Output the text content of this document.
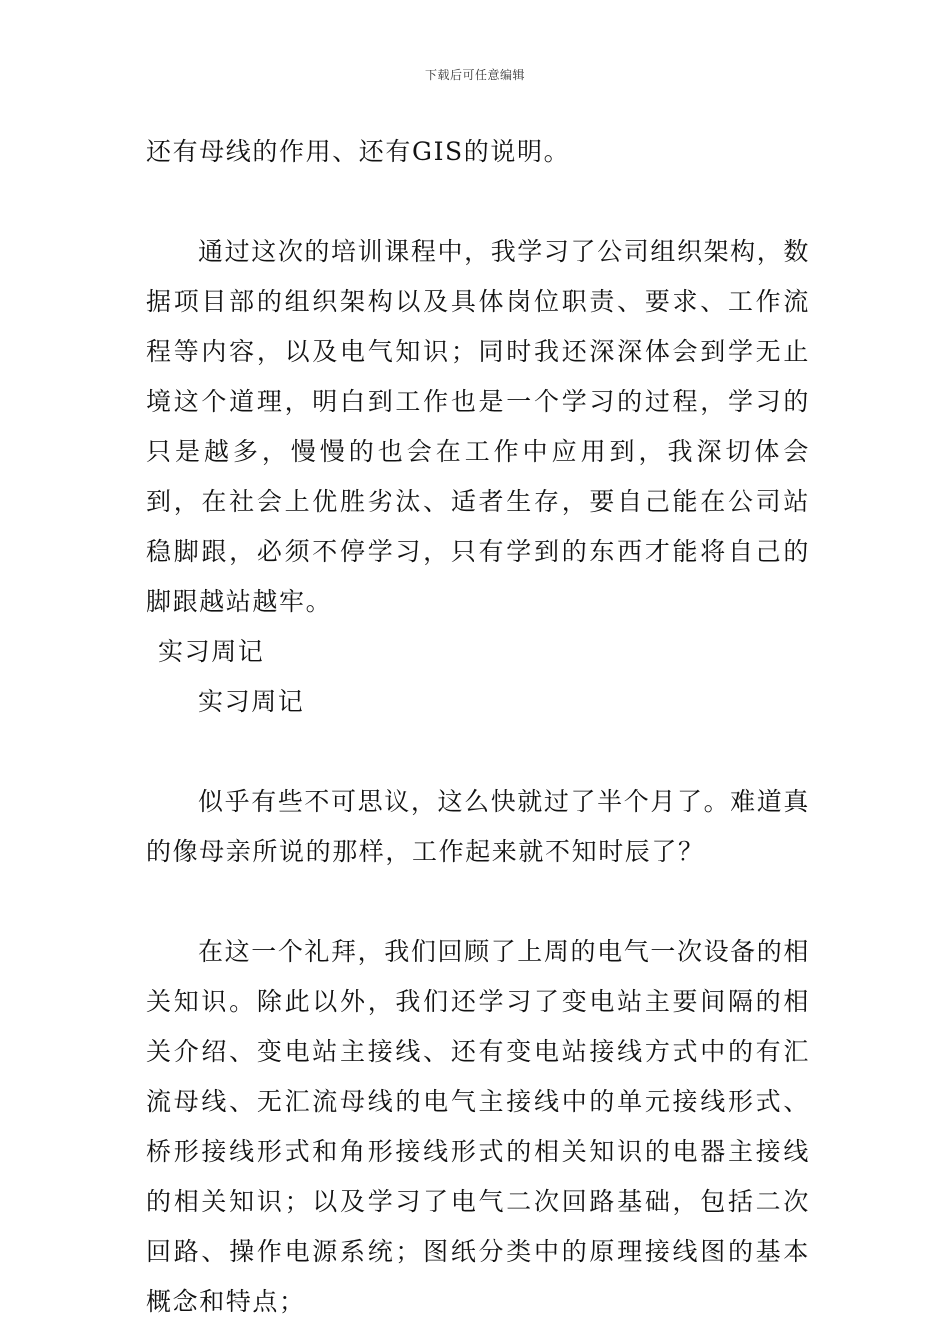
下载后可任意编辑

还有母线的作用、还有GIS的说明。

通过这次的培训课程中，我学习了公司组织架构，数据项目部的组织架构以及具体岗位职责、要求、工作流程等内容，以及电气知识；同时我还深深体会到学无止境这个道理，明白到工作也是一个学习的过程，学习的只是越多，慢慢的也会在工作中应用到，我深切体会到，在社会上优胜劣汰、适者生存，要自己能在公司站稳脚跟，必须不停学习，只有学到的东西才能将自己的脚跟越站越牢。

实习周记

实习周记

似乎有些不可思议，这么快就过了半个月了。难道真的像母亲所说的那样，工作起来就不知时辰了？

在这一个礼拜，我们回顾了上周的电气一次设备的相关知识。除此以外，我们还学习了变电站主要间隔的相关介绍、变电站主接线、还有变电站接线方式中的有汇流母线、无汇流母线的电气主接线中的单元接线形式、桥形接线形式和角形接线形式的相关知识的电器主接线的相关知识；以及学习了电气二次回路基础，包括二次回路、操作电源系统；图纸分类中的原理接线图的基本概念和特点；
